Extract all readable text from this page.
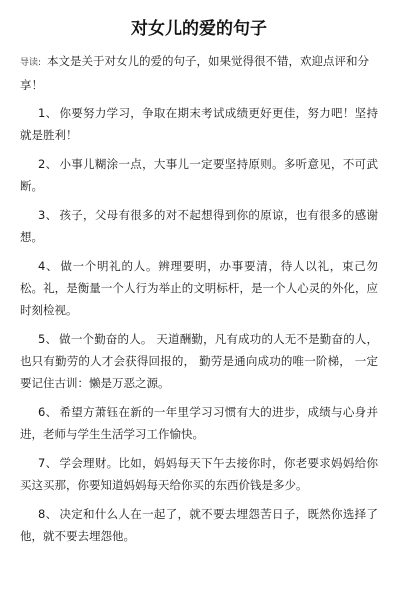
对女儿的爱的句子

导读: 本文是关于对女儿的爱的句子，如果觉得很不错，欢迎点评和分享！

1、 你要努力学习，争取在期末考试成绩更好更佳，努力吧！坚持就是胜利！

2、 小事儿糊涂一点，大事儿一定要坚持原则。多听意见，不可武断。

3、 孩子，父母有很多的对不起想得到你的原谅，也有很多的感谢想。

4、 做一个明礼的人。辨理要明，办事要清，待人以礼，束己勿松。礼，是衡量一个人行为举止的文明标杆，是一个人心灵的外化，应时刻检视。

5、 做一个勤奋的人。 天道酬勤，凡有成功的人无不是勤奋的人，也只有勤劳的人才会获得回报的， 勤劳是通向成功的唯一阶梯， 一定要记住古训：懒是万恶之源。

6、 希望方萧钰在新的一年里学习习惯有大的进步，成绩与心身并进，老师与学生生活学习工作愉快。

7、 学会理财。比如，妈妈每天下午去接你时，你老要求妈妈给你买这买那，你要知道妈妈每天给你买的东西价钱是多少。

8、 决定和什么人在一起了，就不要去埋怨苦日子，既然你选择了他，就不要去埋怨他。
